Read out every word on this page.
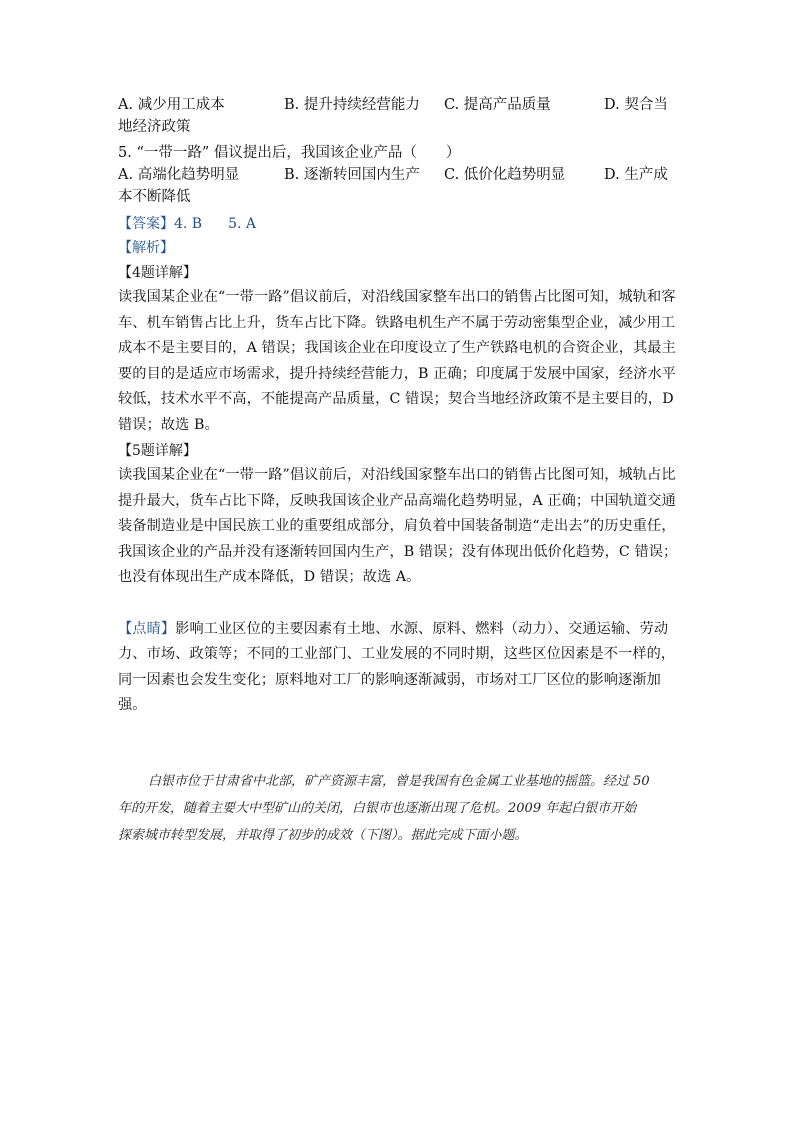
A. 减少用工成本	B. 提升持续经营能力	C. 提高产品质量	D. 契合当
地经济政策
5. “一带一路” 倡议提出后，我国该企业产品（　　）
A. 高端化趋势明显	B. 逐渐转回国内生产	C. 低价化趋势明显	D. 生产成
本不断降低
【答案】4. B 5. A
【解析】
【4题详解】

读我国某企业在“一带一路”倡议前后，对沿线国家整车出口的销售占比图可知，城轨和客
车、机车销售占比上升，货车占比下降。铁路电机生产不属于劳动密集型企业，减少用工
成本不是主要目的，A 错误；我国该企业在印度设立了生产铁路电机的合资企业，其最主
要的目的是适应市场需求，提升持续经营能力，B 正确；印度属于发展中国家，经济水平
较低，技术水平不高，不能提高产品质量，C 错误；契合当地经济政策不是主要目的，D
错误；故选 B。

【5题详解】

读我国某企业在“一带一路”倡议前后，对沿线国家整车出口的销售占比图可知，城轨占比
提升最大，货车占比下降，反映我国该企业产品高端化趋势明显，A 正确；中国轨道交通
装备制造业是中国民族工业的重要组成部分，肩负着中国装备制造“走出去”的历史重任，
我国该企业的产品并没有逐渐转回国内生产，B 错误；没有体现出低价化趋势，C 错误；
也没有体现出生产成本降低，D 错误；故选 A。

【点睛】影响工业区位的主要因素有土地、水源、原料、燃料（动力）、交通运输、劳动
力、市场、政策等；不同的工业部门、工业发展的不同时期，这些区位因素是不一样的，
同一因素也会发生变化；原料地对工厂的影响逐渐减弱，市场对工厂区位的影响逐渐加
强。

白银市位于甘肃省中北部，矿产资源丰富，曾是我国有色金属工业基地的摇篮。经过 50
年的开发，随着主要大中型矿山的关闭，白银市也逐渐出现了危机。2009 年起白银市开始
探索城市转型发展，并取得了初步的成效（下图）。据此完成下面小题。
